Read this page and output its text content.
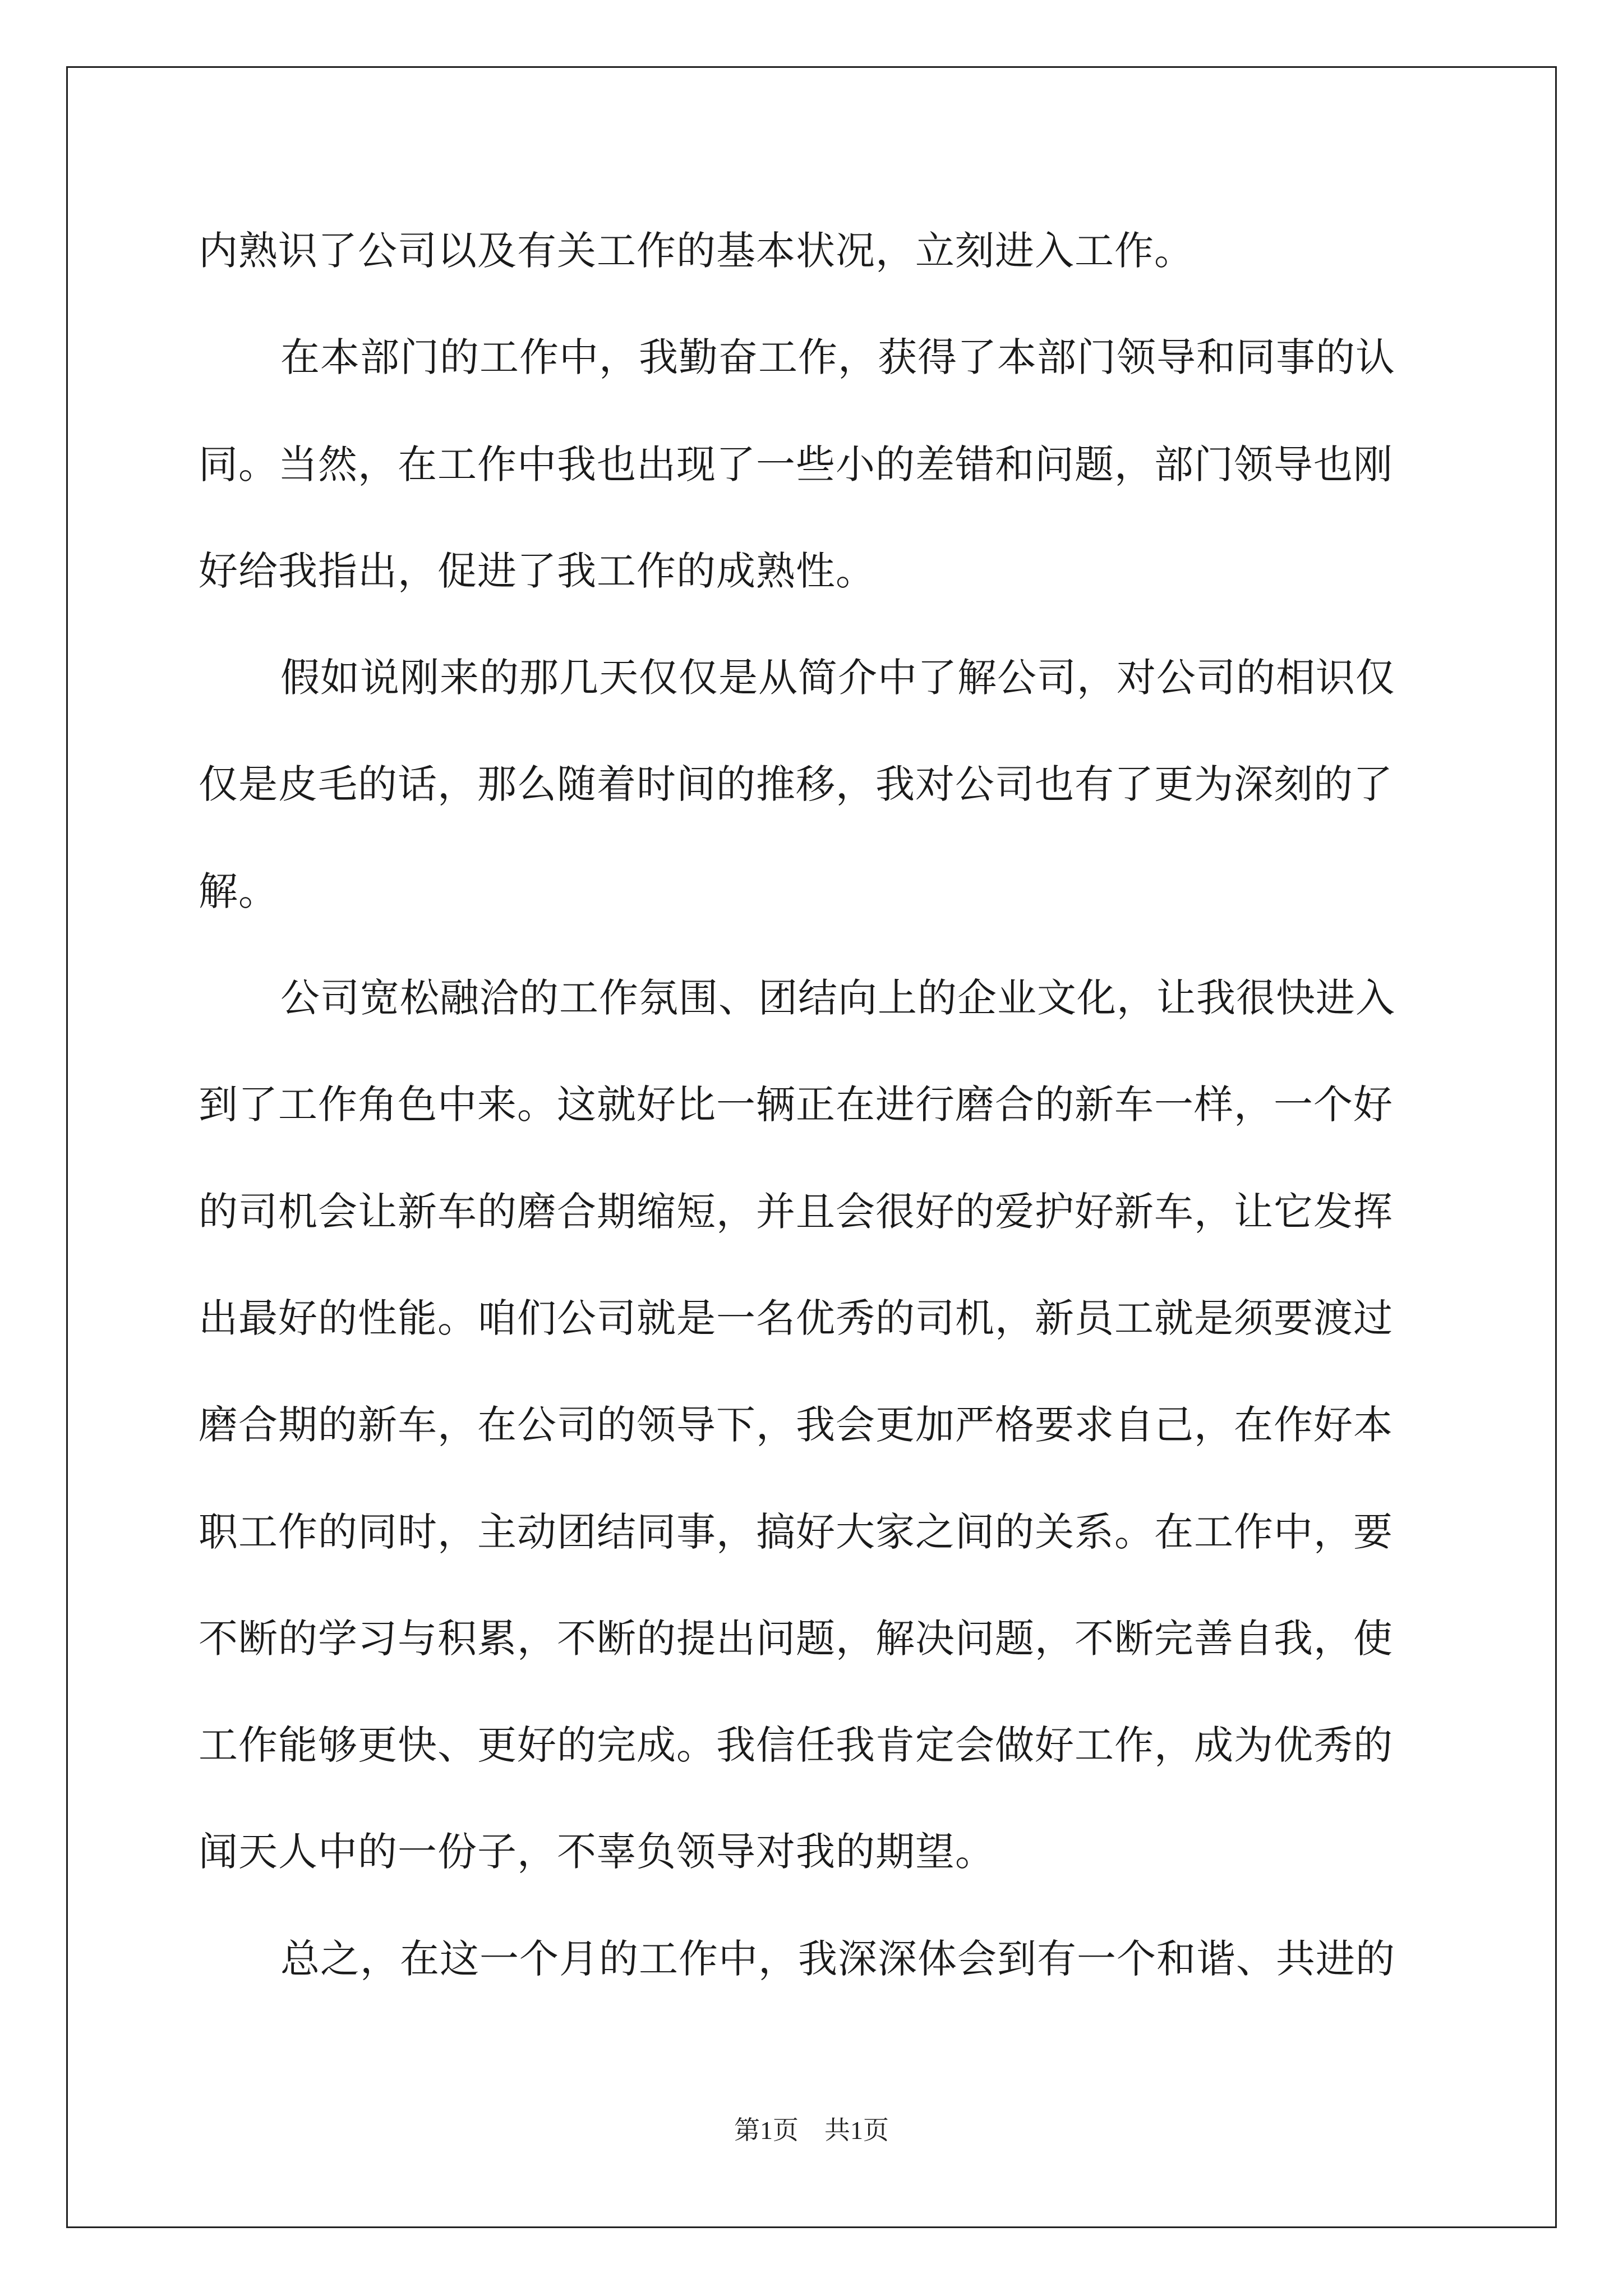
内熟识了公司以及有关工作的基本状况，立刻进入工作。
在本部门的工作中，我勤奋工作，获得了本部门领导和同事的认
同。当然，在工作中我也出现了一些小的差错和问题，部门领导也刚
好给我指出，促进了我工作的成熟性。
假如说刚来的那几天仅仅是从简介中了解公司，对公司的相识仅
仅是皮毛的话，那么随着时间的推移，我对公司也有了更为深刻的了
解。
公司宽松融洽的工作氛围、团结向上的企业文化，让我很快进入
到了工作角色中来。这就好比一辆正在进行磨合的新车一样，一个好
的司机会让新车的磨合期缩短，并且会很好的爱护好新车，让它发挥
出最好的性能。咱们公司就是一名优秀的司机，新员工就是须要渡过
磨合期的新车，在公司的领导下，我会更加严格要求自己，在作好本
职工作的同时，主动团结同事，搞好大家之间的关系。在工作中，要
不断的学习与积累，不断的提出问题，解决问题，不断完善自我，使
工作能够更快、更好的完成。我信任我肯定会做好工作，成为优秀的
闻天人中的一份子，不辜负领导对我的期望。
总之，在这一个月的工作中，我深深体会到有一个和谐、共进的
第1页 共1页
